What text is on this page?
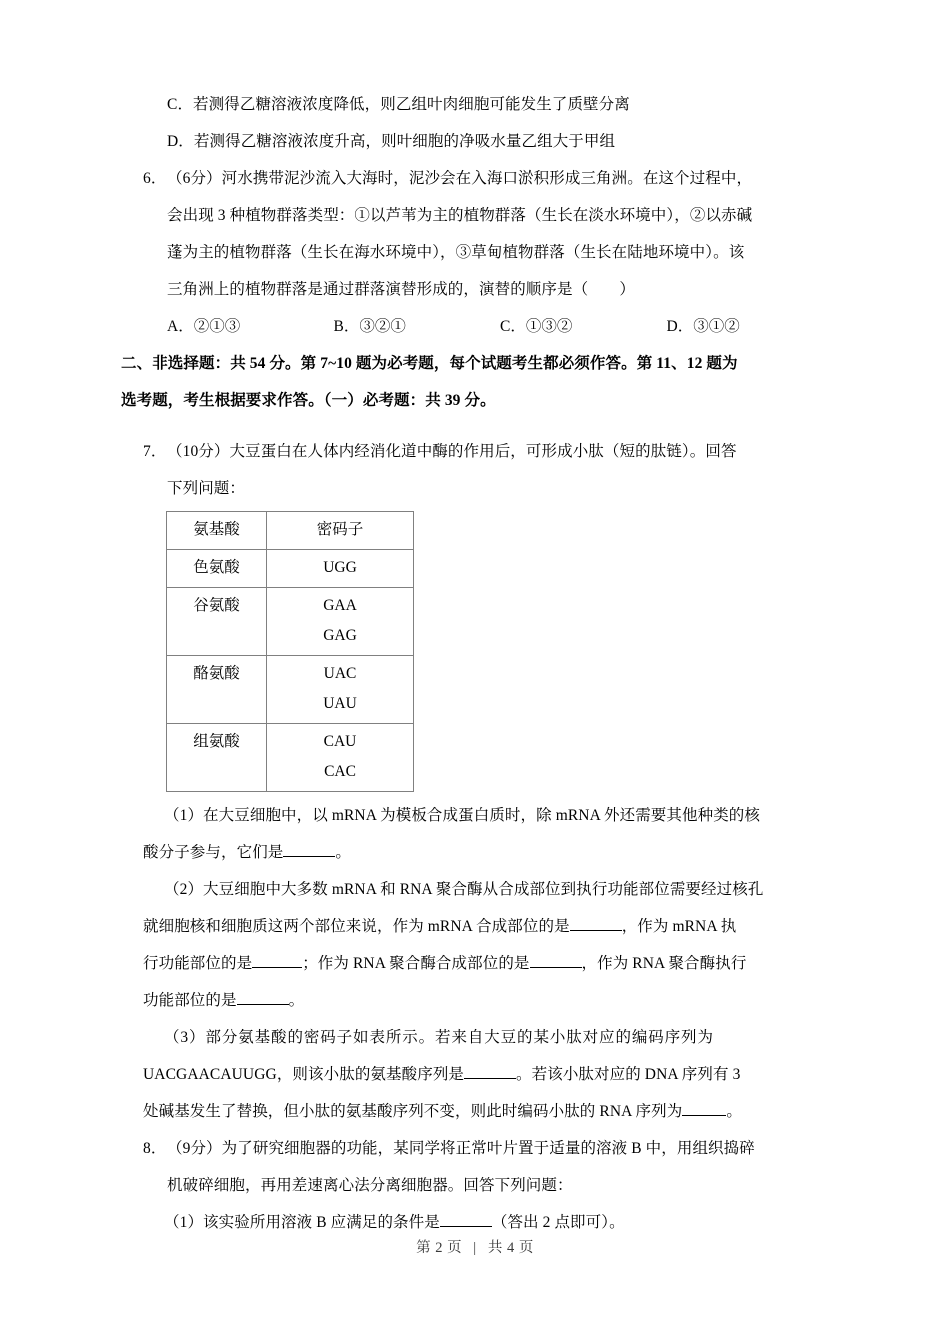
C．若测得乙糖溶液浓度降低，则乙组叶肉细胞可能发生了质壁分离
D．若测得乙糖溶液浓度升高，则叶细胞的净吸水量乙组大于甲组
6．（6分）河水携带泥沙流入大海时，泥沙会在入海口淤积形成三角洲。在这个过程中，
会出现 3 种植物群落类型：①以芦苇为主的植物群落（生长在淡水环境中），②以赤碱
蓬为主的植物群落（生长在海水环境中），③草甸植物群落（生长在陆地环境中）。该
三角洲上的植物群落是通过群落演替形成的，演替的顺序是（　　）
A．②①③	B．③②①	C．①③②	D．③①②
二、非选择题：共 54 分。第 7~10 题为必考题，每个试题考生都必须作答。第 11、12 题为
选考题，考生根据要求作答。（一）必考题：共 39 分。
7．（10分）大豆蛋白在人体内经消化道中酶的作用后，可形成小肽（短的肽链）。回答
下列问题：
氨基酸	密码子
色氨酸	UGG

谷氨酸	GAA
GAG

酪氨酸	UAC
UAU

组氨酸	CAU
CAC
（1）在大豆细胞中，以 mRNA 为模板合成蛋白质时，除 mRNA 外还需要其他种类的核
酸分子参与，它们是	。
（2）大豆细胞中大多数 mRNA 和 RNA 聚合酶从合成部位到执行功能部位需要经过核孔
就细胞核和细胞质这两个部位来说，作为 mRNA 合成部位的是	，作为 mRNA 执
行功能部位的是	；作为 RNA 聚合酶合成部位的是	，作为 RNA 聚合酶执行
功能部位的是	。
（3）部分氨基酸的密码子如表所示。若来自大豆的某小肽对应的编码序列为
UACGAACAUUGG，则该小肽的氨基酸序列是	。若该小肽对应的 DNA 序列有 3
处碱基发生了替换，但小肽的氨基酸序列不变，则此时编码小肽的 RNA 序列为	。
8．（9分）为了研究细胞器的功能，某同学将正常叶片置于适量的溶液 B 中，用组织捣碎
机破碎细胞，再用差速离心法分离细胞器。回答下列问题：
（1）该实验所用溶液 B 应满足的条件是	（答出 2 点即可）。
第 2 页 | 共 4 页
